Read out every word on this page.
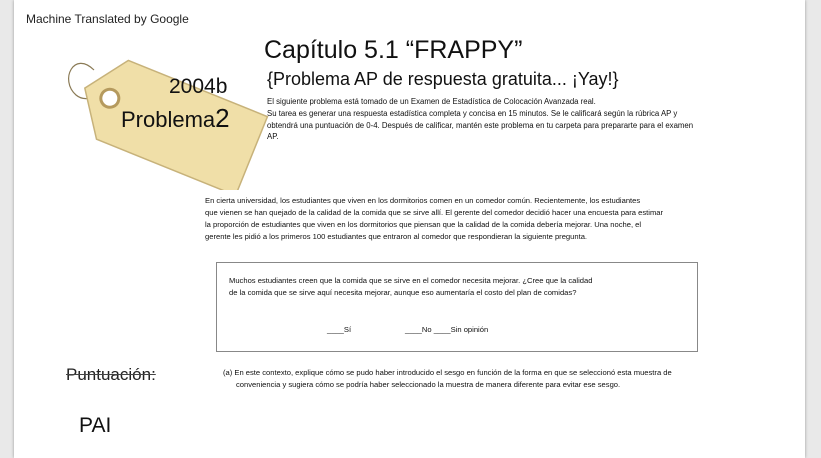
Machine Translated by Google
2004b
Problema2
Capítulo 5.1 “FRAPPY”
{Problema AP de respuesta gratuita... ¡Yay!}
El siguiente problema está tomado de un Examen de Estadística de Colocación Avanzada real.
Su tarea es generar una respuesta estadística completa y concisa en 15 minutos. Se le calificará según la rúbrica AP y
obtendrá una puntuación de 0-4. Después de calificar, mantén este problema en tu carpeta para prepararte para el examen
AP.
En cierta universidad, los estudiantes que viven en los dormitorios comen en un comedor común. Recientemente, los estudiantes
que vienen se han quejado de la calidad de la comida que se sirve allí. El gerente del comedor decidió hacer una encuesta para estimar
la proporción de estudiantes que viven en los dormitorios que piensan que la calidad de la comida debería mejorar. Una noche, el
gerente les pidió a los primeros 100 estudiantes que entraron al comedor que respondieran la siguiente pregunta.
Muchos estudiantes creen que la comida que se sirve en el comedor necesita mejorar. ¿Cree que la calidad
de la comida que se sirve aquí necesita mejorar, aunque eso aumentaría el costo del plan de comidas?
____Sí	____No ____Sin opinión
Puntuación:	(a) En este contexto, explique cómo se pudo haber introducido el sesgo en función de la forma en que se seleccionó esta muestra de
conveniencia y sugiera cómo se podría haber seleccionado la muestra de manera diferente para evitar ese sesgo.
PAI
